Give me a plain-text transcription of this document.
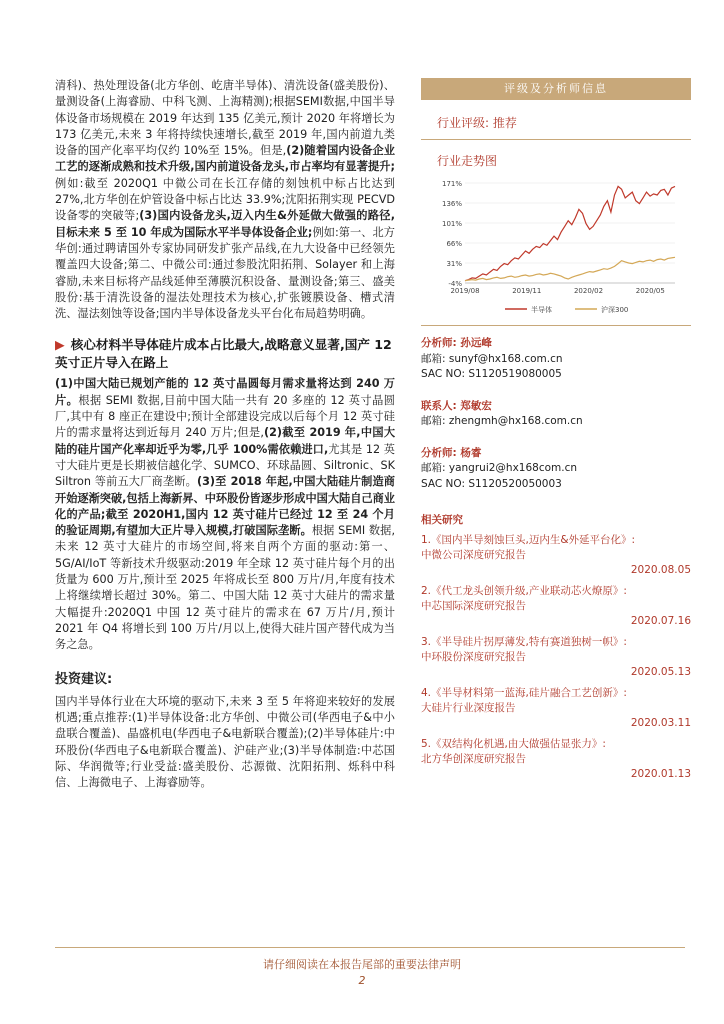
清科)、热处理设备(北方华创、屹唐半导体)、清洗设备(盛美股份)、量测设备(上海睿励、中科飞测、上海精测);根据SEMI数据,中国半导体设备市场规模在 2019 年达到 135 亿美元,预计 2020 年将增长为 173 亿美元,未来 3 年将持续快速增长,截至 2019 年,国内前道九类设备的国产化率平均仅约 10%至 15%。但是,(2)随着国内设备企业工艺的逐渐成熟和技术升级,国内前道设备龙头,市占率均有显著提升;例如:截至 2020Q1 中微公司在长江存储的刻蚀机中标占比达到 27%,北方华创在炉管设备中标占比达 33.9%;沈阳拓荆实现 PECVD 设备零的突破等;(3)国内设备龙头,迈入内生&外延做大做强的路径,目标未来 5 至 10 年成为国际水平半导体设备企业;例如:第一、北方华创:通过聘请国外专家协同研发扩张产品线,在九大设备中已经领先覆盖四大设备;第二、中微公司:通过参股沈阳拓荆、Solayer 和上海睿励,未来目标将产品线延伸至薄膜沉积设备、量测设备;第三、盛美股份:基于清洗设备的湿法处理技术为核心,扩张镀膜设备、槽式清洗、湿法刻蚀等设备;国内半导体设备龙头平台化布局趋势明确。

▶ 核心材料半导体硅片成本占比最大,战略意义显著,国产 12 英寸正片导入在路上

(1)中国大陆已规划产能的 12 英寸晶圆每月需求量将达到 240 万片。根据 SEMI 数据,目前中国大陆一共有 20 多座的 12 英寸晶圆厂,其中有 8 座正在建设中;预计全部建设完成以后每个月 12 英寸硅片的需求量将达到近每月 240 万片;但是,(2)截至 2019 年,中国大陆的硅片国产化率却近乎为零,几乎 100%需依赖进口,尤其是 12 英寸大硅片更是长期被信越化学、SUMCO、环球晶圆、Siltronic、SK Siltron 等前五大厂商垄断。(3)至 2018 年起,中国大陆硅片制造商开始逐渐突破,包括上海新昇、中环股份皆逐步形成中国大陆自己商业化的产品;截至 2020H1,国内 12 英寸硅片已经过 12 至 24 个月的验证周期,有望加大正片导入规模,打破国际垄断。根据 SEMI 数据,未来 12 英寸大硅片的市场空间,将来自两个方面的驱动:第一、5G/AI/IoT 等新技术升级驱动:2019 年全球 12 英寸硅片每个月的出货量为 600 万片,预计至 2025 年将成长至 800 万片/月,年度有技术上将继续增长超过 30%。第二、中国大陆 12 英寸大硅片的需求量大幅提升:2020Q1 中国 12 英寸硅片的需求在 67 万片/月,预计 2021 年 Q4 将增长到 100 万片/月以上,使得大硅片国产替代成为当务之急。

投资建议:

国内半导体行业在大环境的驱动下,未来 3 至 5 年将迎来较好的发展机遇;重点推荐:(1)半导体设备:北方华创、中微公司(华西电子&中小盘联合覆盖)、晶盛机电(华西电子&电新联合覆盖);(2)半导体硅片:中环股份(华西电子&电新联合覆盖)、沪硅产业;(3)半导体制造:中芯国际、华润微等;行业受益:盛美股份、芯源微、沈阳拓荆、烁科中科信、上海微电子、上海睿励等。

评级及分析师信息
行业评级: 推荐
行业走势图
-4%
31%
66%
101%
136%
171%
2019/08	2019/11	2020/02	2020/05
半导体	沪深300
分析师: 孙远峰
邮箱: sunyf@hx168.com.cn
SAC NO: S1120519080005
联系人: 郑敏宏
邮箱: zhengmh@hx168.com.cn
分析师: 杨睿
邮箱: yangrui2@hx168com.cn
SAC NO: S1120520050003
相关研究
1.《国内半导刻蚀巨头,迈内生&外延平台化》:
中微公司深度研究报告
2020.08.05
2.《代工龙头创领升级,产业联动芯火燎原》:
中芯国际深度研究报告
2020.07.16
3.《半导硅片拐厚薄发,特有赛道独树一帜》:
中环股份深度研究报告
2020.05.13
4.《半导材料第一蓝海,硅片融合工艺创新》:
大硅片行业深度报告
2020.03.11
5.《双结构化机遇,由大做强估显张力》:
北方华创深度研究报告
2020.01.13
请仔细阅读在本报告尾部的重要法律声明
2
